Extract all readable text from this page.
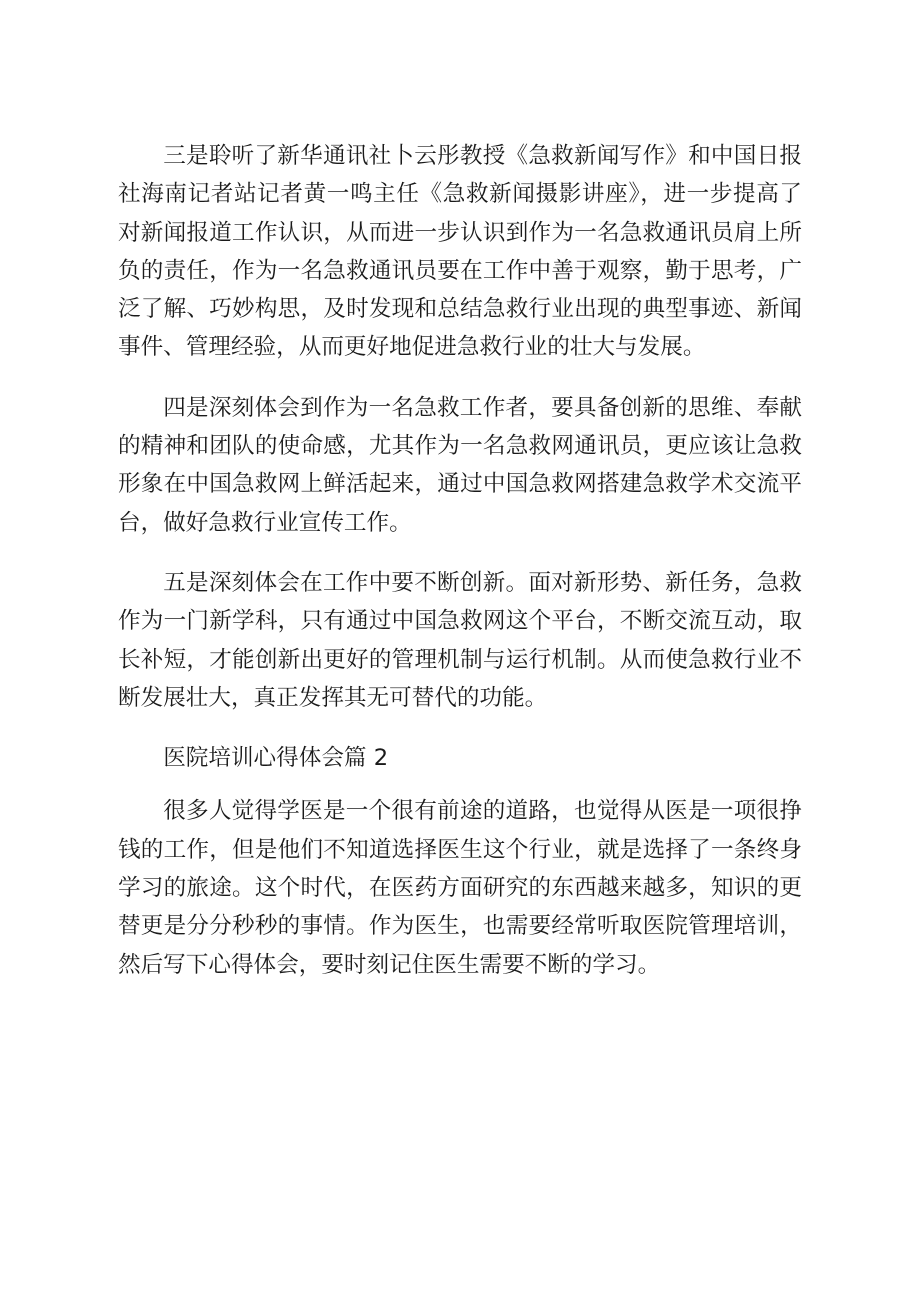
三是聆听了新华通讯社卜云彤教授《急救新闻写作》和中国日报社海南记者站记者黄一鸣主任《急救新闻摄影讲座》，进一步提高了对新闻报道工作认识，从而进一步认识到作为一名急救通讯员肩上所负的责任，作为一名急救通讯员要在工作中善于观察，勤于思考，广泛了解、巧妙构思，及时发现和总结急救行业出现的典型事迹、新闻事件、管理经验，从而更好地促进急救行业的壮大与发展。

四是深刻体会到作为一名急救工作者，要具备创新的思维、奉献的精神和团队的使命感，尤其作为一名急救网通讯员，更应该让急救形象在中国急救网上鲜活起来，通过中国急救网搭建急救学术交流平台，做好急救行业宣传工作。

五是深刻体会在工作中要不断创新。面对新形势、新任务，急救作为一门新学科，只有通过中国急救网这个平台，不断交流互动，取长补短，才能创新出更好的管理机制与运行机制。从而使急救行业不断发展壮大，真正发挥其无可替代的功能。

医院培训心得体会篇 2

很多人觉得学医是一个很有前途的道路，也觉得从医是一项很挣钱的工作，但是他们不知道选择医生这个行业，就是选择了一条终身学习的旅途。这个时代，在医药方面研究的东西越来越多，知识的更替更是分分秒秒的事情。作为医生，也需要经常听取医院管理培训，然后写下心得体会，要时刻记住医生需要不断的学习。
